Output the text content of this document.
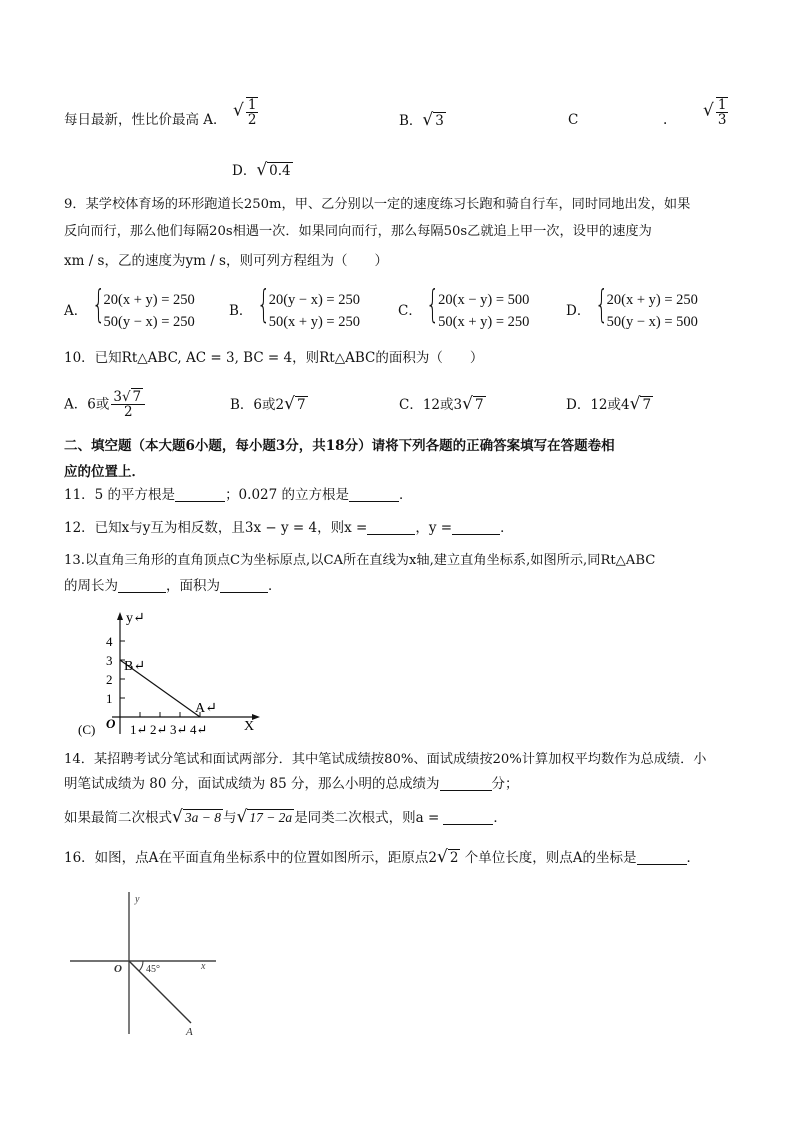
每日最新，性比价最高 A． √ $\frac{1}{2}$	B．√ 3	C	. √ $\frac{1}{3}$
D．√ 0.4
9．某学校体育场的环形跑道长250m，甲、乙分别以一定的速度练习长跑和骑自行车，同时同地出发，如果
反向而行，那么他们每隔20s相遇一次．如果同向而行，那么每隔50s乙就追上甲一次，设甲的速度为
xm / s，乙的速度为ym / s，则可列方程组为（　　）
A． {
20(x + y) = 250
50(y − x) = 250
B． {
20(y − x) = 250
50(x + y) = 250
C． {
20(x − y) = 500
50(x + y) = 250
D． {
20(x + y) = 250
50(y − x) = 500
10．已知Rt△ABC, AC = 3, BC = 4，则Rt△ABC的面积为（　　）
A．6或 $\frac{3√ 7}{2}$	B．6或2√ 7	C．12或3√ 7	D．12或4√ 7
二、填空题（本大题6小题，每小题3分，共18分）请将下列各题的正确答案填写在答题卷相
应的位置上．
11．5 的平方根是	；0.027 的立方根是	．
12．已知x与y互为相反数，且3x − y = 4，则x =	，y =	．
13.以直角三角形的直角顶点C为坐标原点,以CA所在直线为x轴,建立直角坐标系,如图所示,同Rt△ABC
的周长为	，面积为	．
y↵
X
B↵
A↵
4
3
2
1
1↵ 2↵ 3↵ 4↵
(C) O
14．某招聘考试分笔试和面试两部分．其中笔试成绩按80%、面试成绩按20%计算加权平均数作为总成绩．小
明笔试成绩为 80 分，面试成绩为 85 分，那么小明的总成绩为	分；
如果最简二次根式√ 3a − 8 与√ 17 − 2a 是同类二次根式，则a =	．
16．如图，点A在平面直角坐标系中的位置如图所示，距原点2√ 2 个单位长度，则点A的坐标是	．
y
x
O 45°
A
